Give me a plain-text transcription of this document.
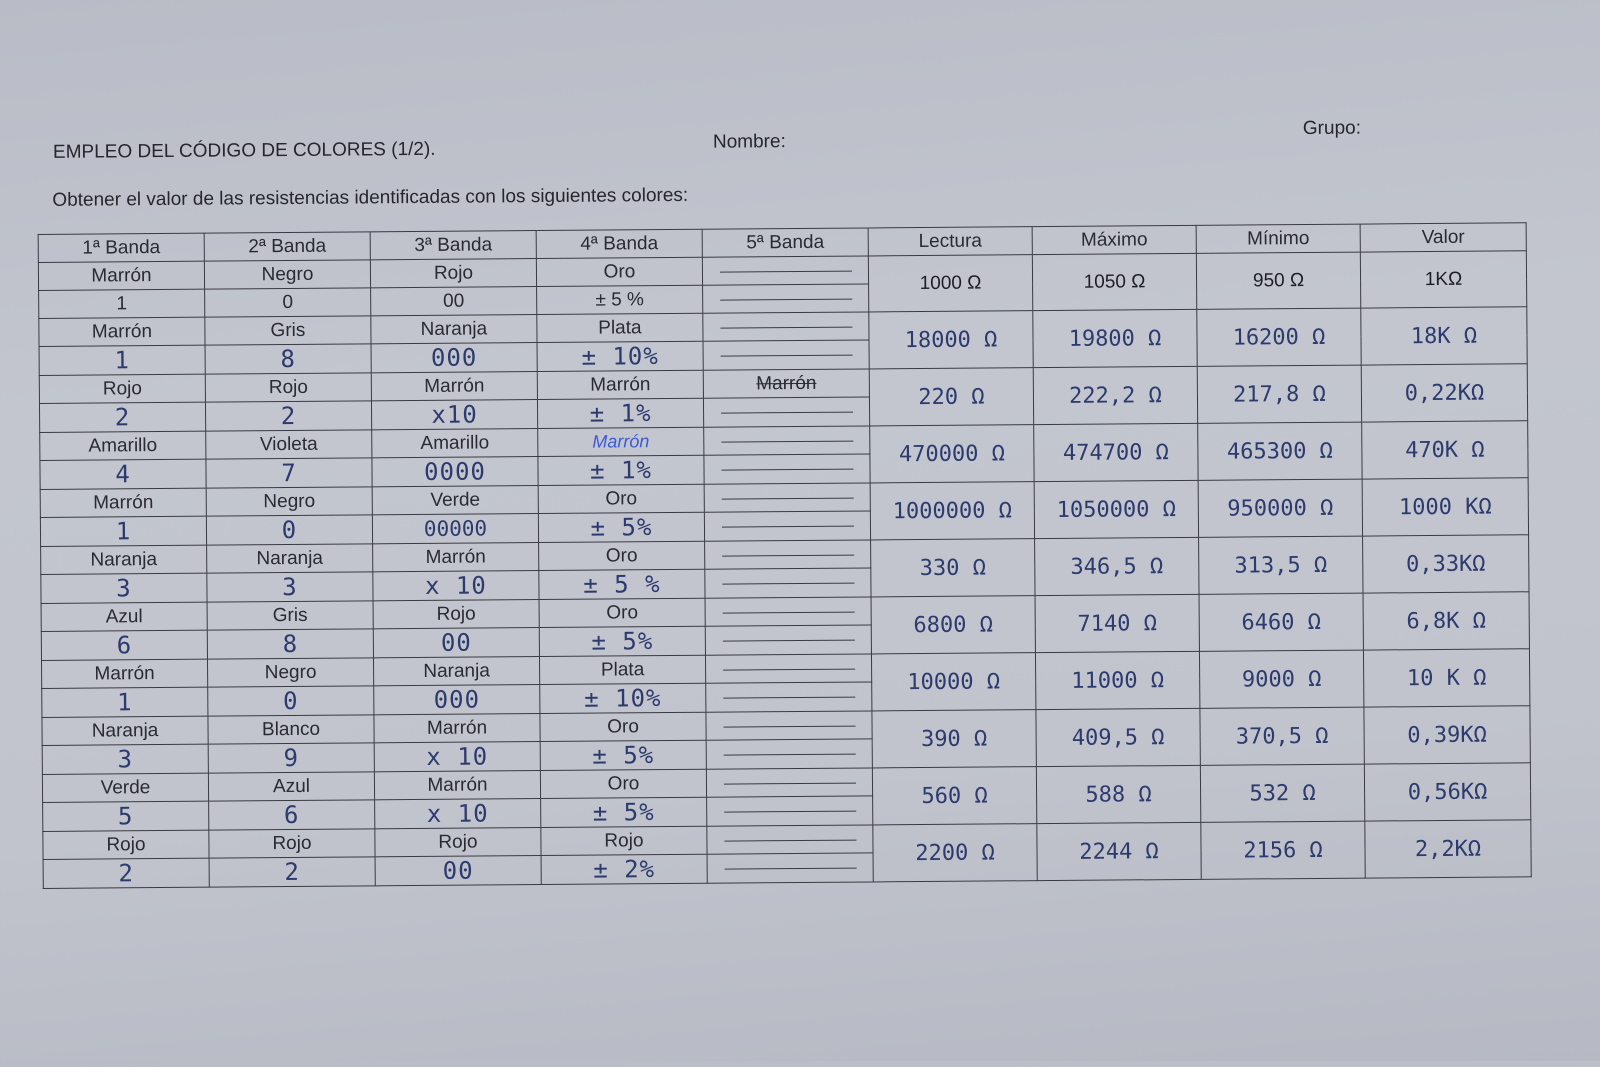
EMPLEO DEL CÓDIGO DE COLORES (1/2).	Nombre:
Grupo:
Obtener el valor de las resistencias identificadas con los siguientes colores:
1ª Banda	2ª Banda	3ª Banda	4ª Banda	5ª Banda	Lectura	Máximo	Mínimo	Valor
Marrón	Negro	Rojo	Oro		1000 Ω	1050 Ω	950 Ω	1KΩ
1	0	00	± 5 %					
Marrón	Gris	Naranja	Plata		18000 Ω	19800 Ω	16200 Ω	18K Ω
1	8	000	± 10%					
Rojo	Rojo	Marrón	Marrón	Marrón	220 Ω	222,2 Ω	217,8 Ω	0,22KΩ
2	2	x10	± 1%					
Amarillo	Violeta	Amarillo	Marrón		470000 Ω	474700 Ω	465300 Ω	470K Ω
4	7	0000	± 1%					
Marrón	Negro	Verde	Oro		1000000 Ω	1050000 Ω	950000 Ω	1000 KΩ
1	0	00000	± 5%					
Naranja	Naranja	Marrón	Oro		330 Ω	346,5 Ω	313,5 Ω	0,33KΩ
3	3	x 10	± 5 %					
Azul	Gris	Rojo	Oro		6800 Ω	7140 Ω	6460 Ω	6,8K Ω
6	8	00	± 5%					
Marrón	Negro	Naranja	Plata		10000 Ω	11000 Ω	9000 Ω	10 K Ω
1	0	000	± 10%					
Naranja	Blanco	Marrón	Oro		390 Ω	409,5 Ω	370,5 Ω	0,39KΩ
3	9	x 10	± 5%					
Verde	Azul	Marrón	Oro		560 Ω	588 Ω	532 Ω	0,56KΩ
5	6	x 10	± 5%					
Rojo	Rojo	Rojo	Rojo		2200 Ω	2244 Ω	2156 Ω	2,2KΩ
2	2	00	± 2%					
